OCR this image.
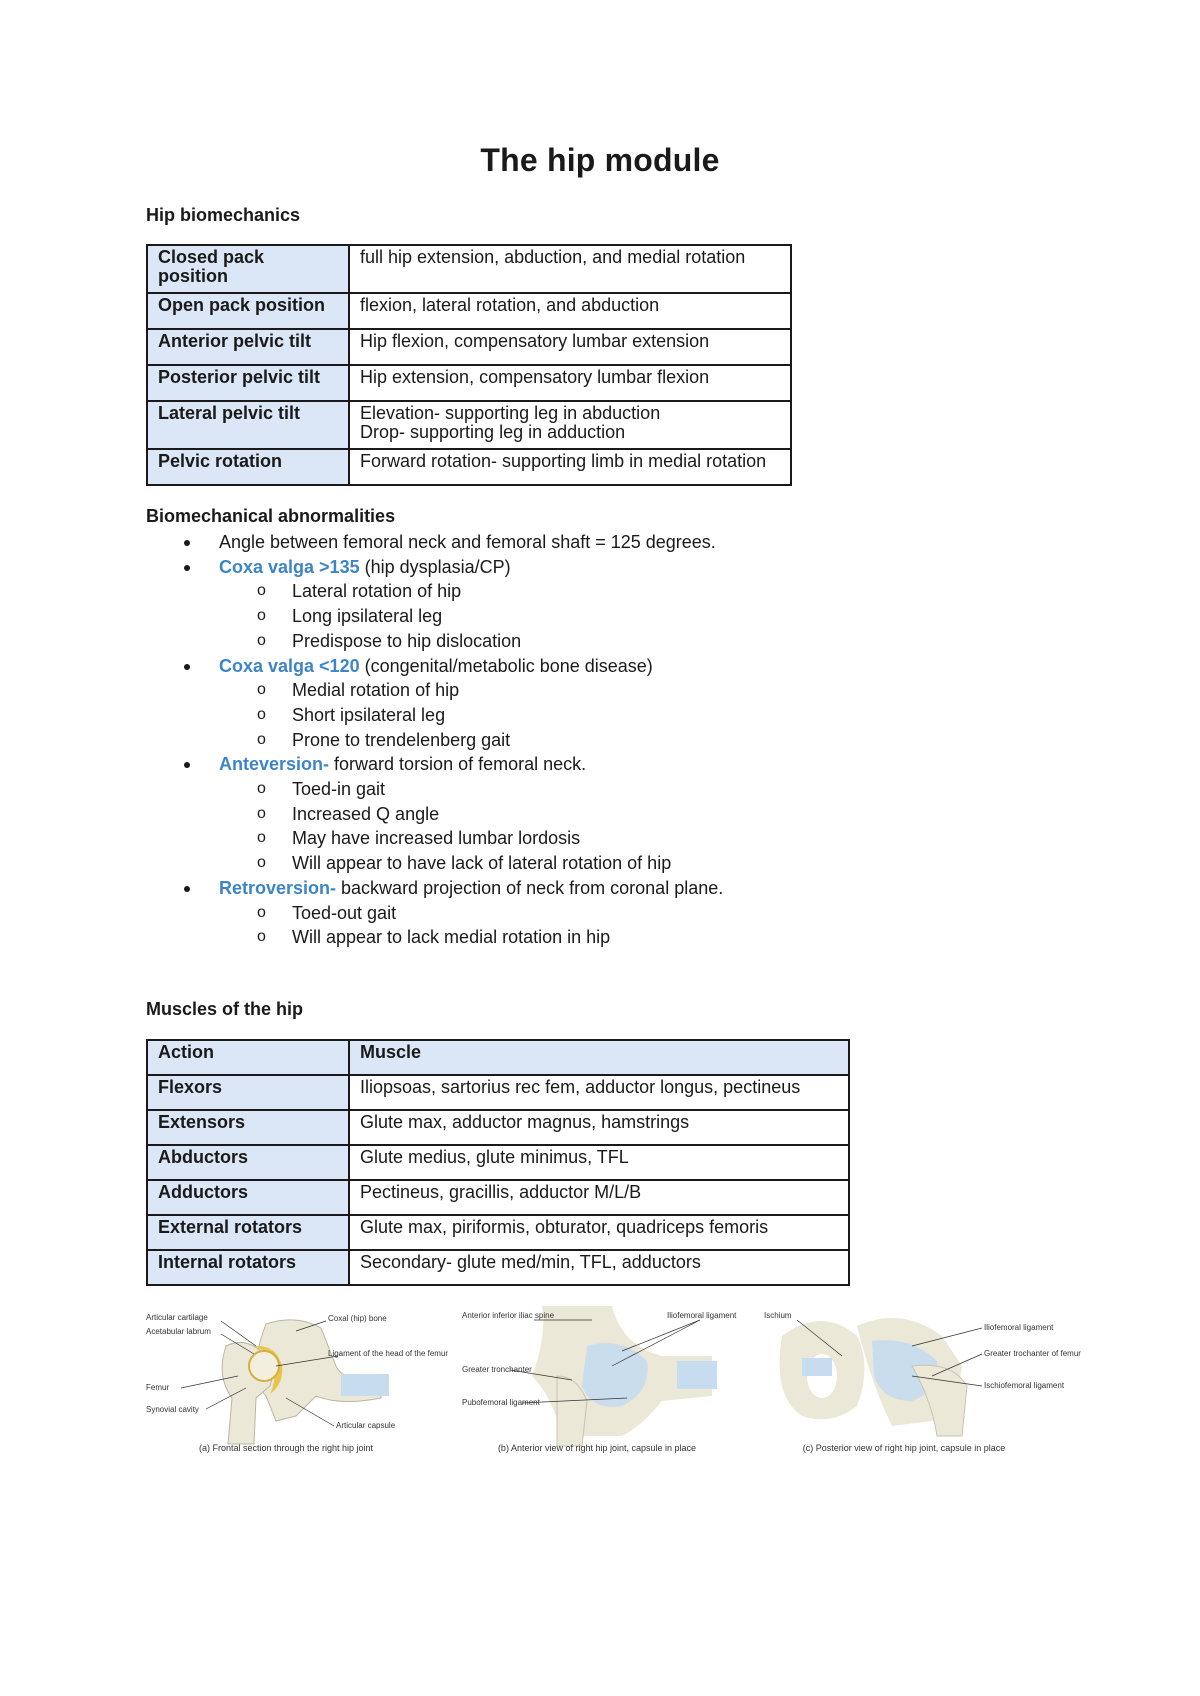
The hip module
Hip biomechanics
Closed pack position	full hip extension, abduction, and medial rotation
Open pack position	flexion, lateral rotation, and abduction
Anterior pelvic tilt	Hip flexion, compensatory lumbar extension
Posterior pelvic tilt	Hip extension, compensatory lumbar flexion
Lateral pelvic tilt	Elevation- supporting leg in abduction
Drop- supporting leg in adduction

Pelvic rotation	Forward rotation- supporting limb in medial rotation
Biomechanical abnormalities
Angle between femoral neck and femoral shaft = 125 degrees.
Coxa valga >135 (hip dysplasia/CP)
o Lateral rotation of hip
o Long ipsilateral leg
o Predispose to hip dislocation
Coxa valga <120 (congenital/metabolic bone disease)
o Medial rotation of hip
o Short ipsilateral leg
o Prone to trendelenberg gait
Anteversion- forward torsion of femoral neck.
o Toed-in gait
o Increased Q angle
o May have increased lumbar lordosis
o Will appear to have lack of lateral rotation of hip
Retroversion- backward projection of neck from coronal plane.
o Toed-out gait
o Will appear to lack medial rotation in hip
Muscles of the hip
Action	Muscle
Flexors	Iliopsoas, sartorius rec fem, adductor longus, pectineus
Extensors	Glute max, adductor magnus, hamstrings
Abductors	Glute medius, glute minimus, TFL
Adductors	Pectineus, gracillis, adductor M/L/B
External rotators	Glute max, piriformis, obturator, quadriceps femoris
Internal rotators	Secondary- glute med/min, TFL, adductors
Articular cartilage
Acetabular labrum
Femur
Synovial cavity
Coxal (hip) bone
Ligament of the head of the femur
Articular capsule
(a) Frontal section through the right hip joint
Anterior inferior iliac spine
Greater tronchanter
Pubofemoral ligament
Iliofemoral ligament
(b) Anterior view of right hip joint, capsule in place
Ischium
Iliofemoral ligament
Greater trochanter of femur
Ischiofemoral ligament
(c) Posterior view of right hip joint, capsule in place
